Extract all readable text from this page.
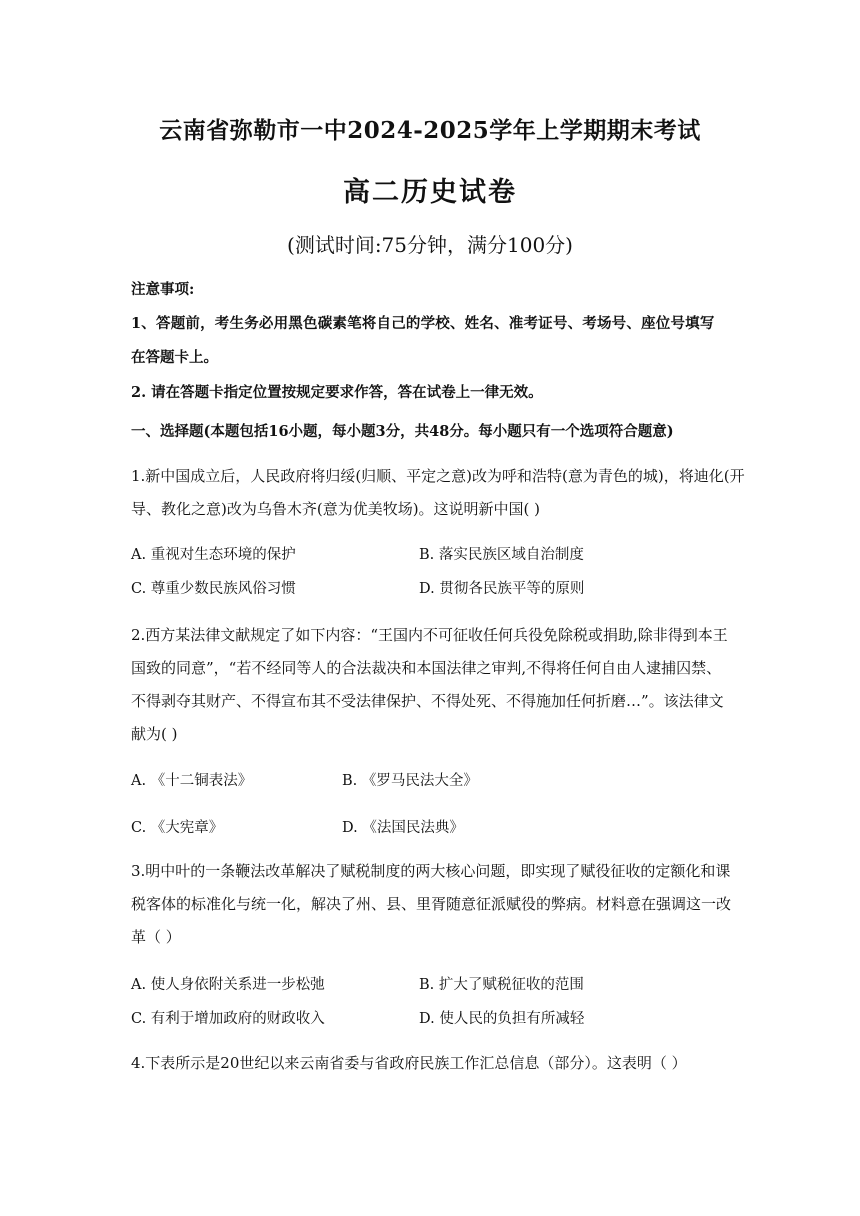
云南省弥勒市一中2024-2025学年上学期期末考试
高二历史试卷
(测试时间:75分钟，满分100分)
注意事项:
1、答题前，考生务必用黑色碳素笔将自己的学校、姓名、准考证号、考场号、座位号填写
在答题卡上。
2. 请在答题卡指定位置按规定要求作答，答在试卷上一律无效。
一、选择题(本题包括16小题，每小题3分，共48分。每小题只有一个选项符合题意)
1.新中国成立后，人民政府将归绥(归顺、平定之意)改为呼和浩特(意为青色的城)，将迪化(开
导、教化之意)改为乌鲁木齐(意为优美牧场)。这说明新中国( )
A. 重视对生态环境的保护	B. 落实民族区域自治制度
C. 尊重少数民族风俗习惯	D. 贯彻各民族平等的原则
2.西方某法律文献规定了如下内容：“王国内不可征收任何兵役免除税或捐助,除非得到本王
国致的同意”，“若不经同等人的合法裁决和本国法律之审判,不得将任何自由人逮捕囚禁、
不得剥夺其财产、不得宣布其不受法律保护、不得处死、不得施加任何折磨…”。该法律文
献为( )
A. 《十二铜表法》	B. 《罗马民法大全》
C. 《大宪章》	D. 《法国民法典》
3.明中叶的一条鞭法改革解决了赋税制度的两大核心问题，即实现了赋役征收的定额化和课
税客体的标准化与统一化，解决了州、县、里胥随意征派赋役的弊病。材料意在强调这一改
革（ ）
A. 使人身依附关系进一步松弛	B. 扩大了赋税征收的范围
C. 有利于增加政府的财政收入	D. 使人民的负担有所减轻
4.下表所示是20世纪以来云南省委与省政府民族工作汇总信息（部分）。这表明（ ）
